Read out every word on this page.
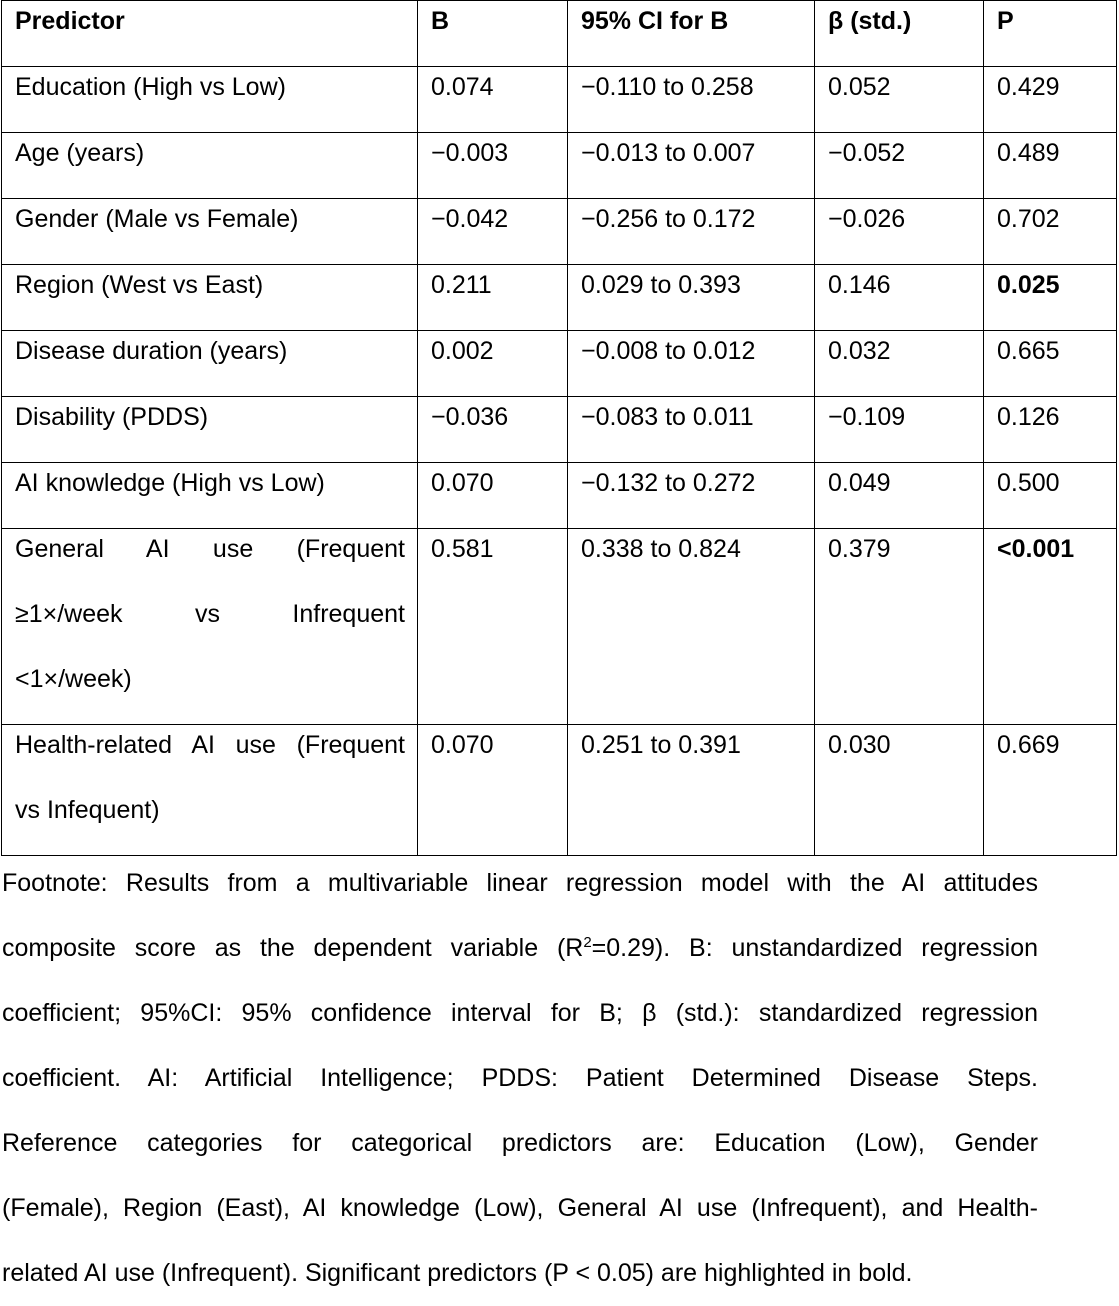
Predictor	B	95% CI for B	β (std.)	P

Education (High vs Low)	0.074	−0.110 to 0.258	0.052	0.429

Age (years)	−0.003	−0.013 to 0.007	−0.052	0.489

Gender (Male vs Female)	−0.042	−0.256 to 0.172	−0.026	0.702

Region (West vs East)	0.211	0.029 to 0.393	0.146	0.025

Disease duration (years)	0.002	−0.008 to 0.012	0.032	0.665

Disability (PDDS)	−0.036	−0.083 to 0.011	−0.109	0.126

AI knowledge (High vs Low)	0.070	−0.132 to 0.272	0.049	0.500

General AI use (Frequent
≥1×/week vs Infrequent
<1×/week)	0.581	0.338 to 0.824	0.379	<0.001

Health-related AI use (Frequent
vs Infequent)	0.070	0.251 to 0.391	0.030	0.669
Footnote: Results from a multivariable linear regression model with the AI attitudes
composite score as the dependent variable $(R^2=0.29)$. B: unstandardized regression
coefficient; 95%CI: 95% confidence interval for B; β (std.): standardized regression
coefficient. AI: Artificial Intelligence; PDDS: Patient Determined Disease Steps.
Reference categories for categorical predictors are: Education (Low), Gender
(Female), Region (East), AI knowledge (Low), General AI use (Infrequent), and Health-
related AI use (Infrequent). Significant predictors (P < 0.05) are highlighted in bold.
